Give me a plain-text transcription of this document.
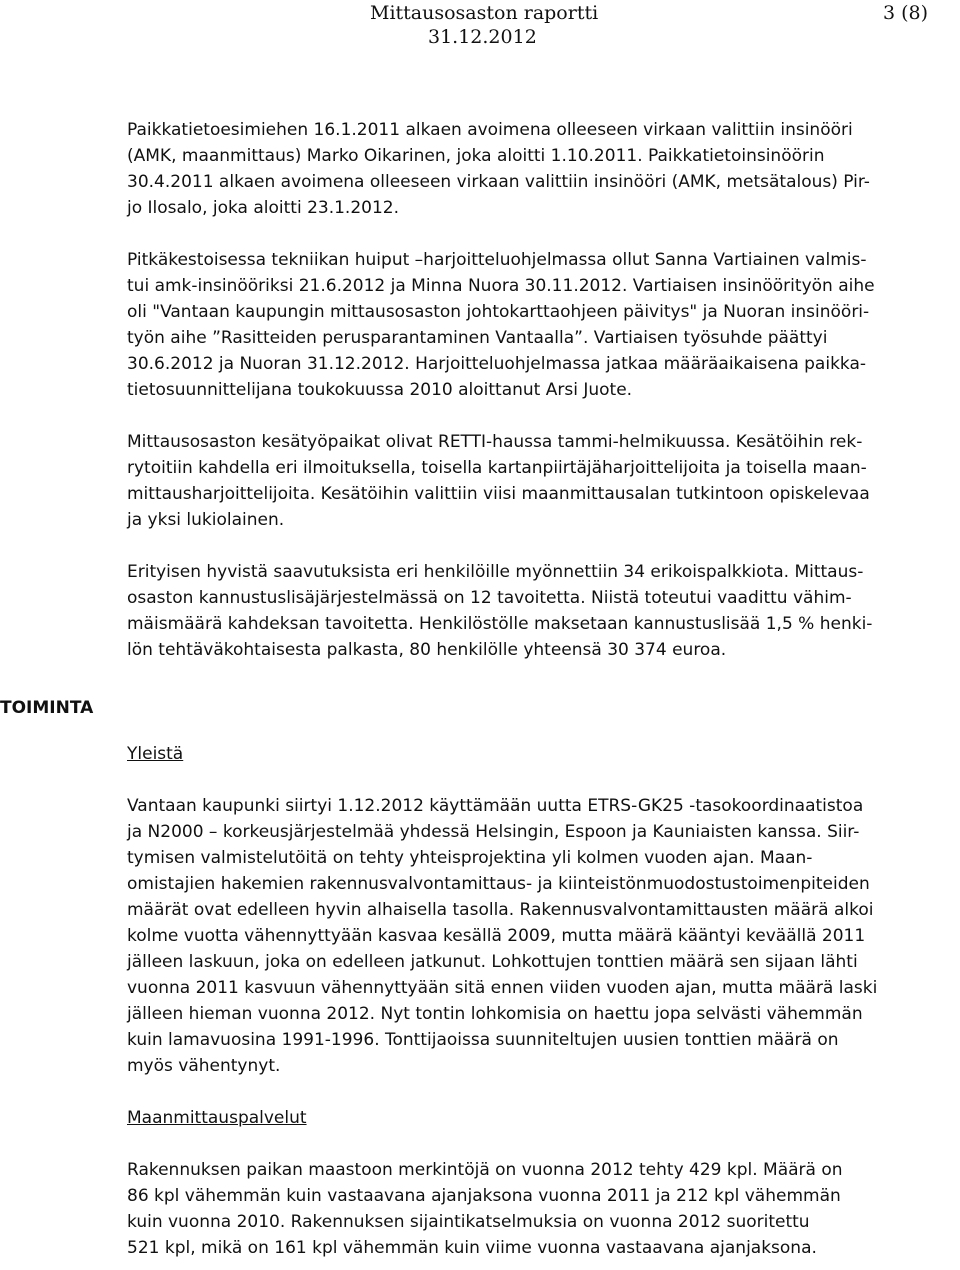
Mittausosaston raportti	3 (8)
31.12.2012
TOIMINTA

Paikkatietoesimiehen 16.1.2011 alkaen avoimena olleeseen virkaan valittiin insinööri
(AMK, maanmittaus) Marko Oikarinen, joka aloitti 1.10.2011. Paikkatietoinsinöörin
30.4.2011 alkaen avoimena olleeseen virkaan valittiin insinööri (AMK, metsätalous) Pir-
jo Ilosalo, joka aloitti 23.1.2012.

Pitkäkestoisessa tekniikan huiput –harjoitteluohjelmassa ollut Sanna Vartiainen valmis-
tui amk-insinööriksi 21.6.2012 ja Minna Nuora 30.11.2012. Vartiaisen insinöörityön aihe
oli "Vantaan kaupungin mittausosaston johtokarttaohjeen päivitys" ja Nuoran insinööri-
työn aihe ”Rasitteiden perusparantaminen Vantaalla”. Vartiaisen työsuhde päättyi
30.6.2012 ja Nuoran 31.12.2012. Harjoitteluohjelmassa jatkaa määräaikaisena paikka-
tietosuunnittelijana toukokuussa 2010 aloittanut Arsi Juote.

Mittausosaston kesätyöpaikat olivat RETTI-haussa tammi-helmikuussa. Kesätöihin rek-
rytoitiin kahdella eri ilmoituksella, toisella kartanpiirtäjäharjoittelijoita ja toisella maan-
mittausharjoittelijoita. Kesätöihin valittiin viisi maanmittausalan tutkintoon opiskelevaa
ja yksi lukiolainen.

Erityisen hyvistä saavutuksista eri henkilöille myönnettiin 34 erikoispalkkiota. Mittaus-
osaston kannustuslisäjärjestelmässä on 12 tavoitetta. Niistä toteutui vaadittu vähim-
mäismäärä kahdeksan tavoitetta. Henkilöstölle maksetaan kannustuslisää 1,5 % henki-
lön tehtäväkohtaisesta palkasta, 80 henkilölle yhteensä 30 374 euroa.

Yleistä

Vantaan kaupunki siirtyi 1.12.2012 käyttämään uutta ETRS-GK25 -tasokoordinaatistoa
ja N2000 – korkeusjärjestelmää yhdessä Helsingin, Espoon ja Kauniaisten kanssa. Siir-
tymisen valmistelutöitä on tehty yhteisprojektina yli kolmen vuoden ajan. Maan-
omistajien hakemien rakennusvalvontamittaus- ja kiinteistönmuodostustoimenpiteiden
määrät ovat edelleen hyvin alhaisella tasolla. Rakennusvalvontamittausten määrä alkoi
kolme vuotta vähennyttyään kasvaa kesällä 2009, mutta määrä kääntyi keväällä 2011
jälleen laskuun, joka on edelleen jatkunut. Lohkottujen tonttien määrä sen sijaan lähti
vuonna 2011 kasvuun vähennyttyään sitä ennen viiden vuoden ajan, mutta määrä laski
jälleen hieman vuonna 2012. Nyt tontin lohkomisia on haettu jopa selvästi vähemmän
kuin lamavuosina 1991-1996. Tonttijaoissa suunniteltujen uusien tonttien määrä on
myös vähentynyt.

Maanmittauspalvelut

Rakennuksen paikan maastoon merkintöjä on vuonna 2012 tehty 429 kpl. Määrä on
86 kpl vähemmän kuin vastaavana ajanjaksona vuonna 2011 ja 212 kpl vähemmän
kuin vuonna 2010. Rakennuksen sijaintikatselmuksia on vuonna 2012 suoritettu
521 kpl, mikä on 161 kpl vähemmän kuin viime vuonna vastaavana ajanjaksona.
